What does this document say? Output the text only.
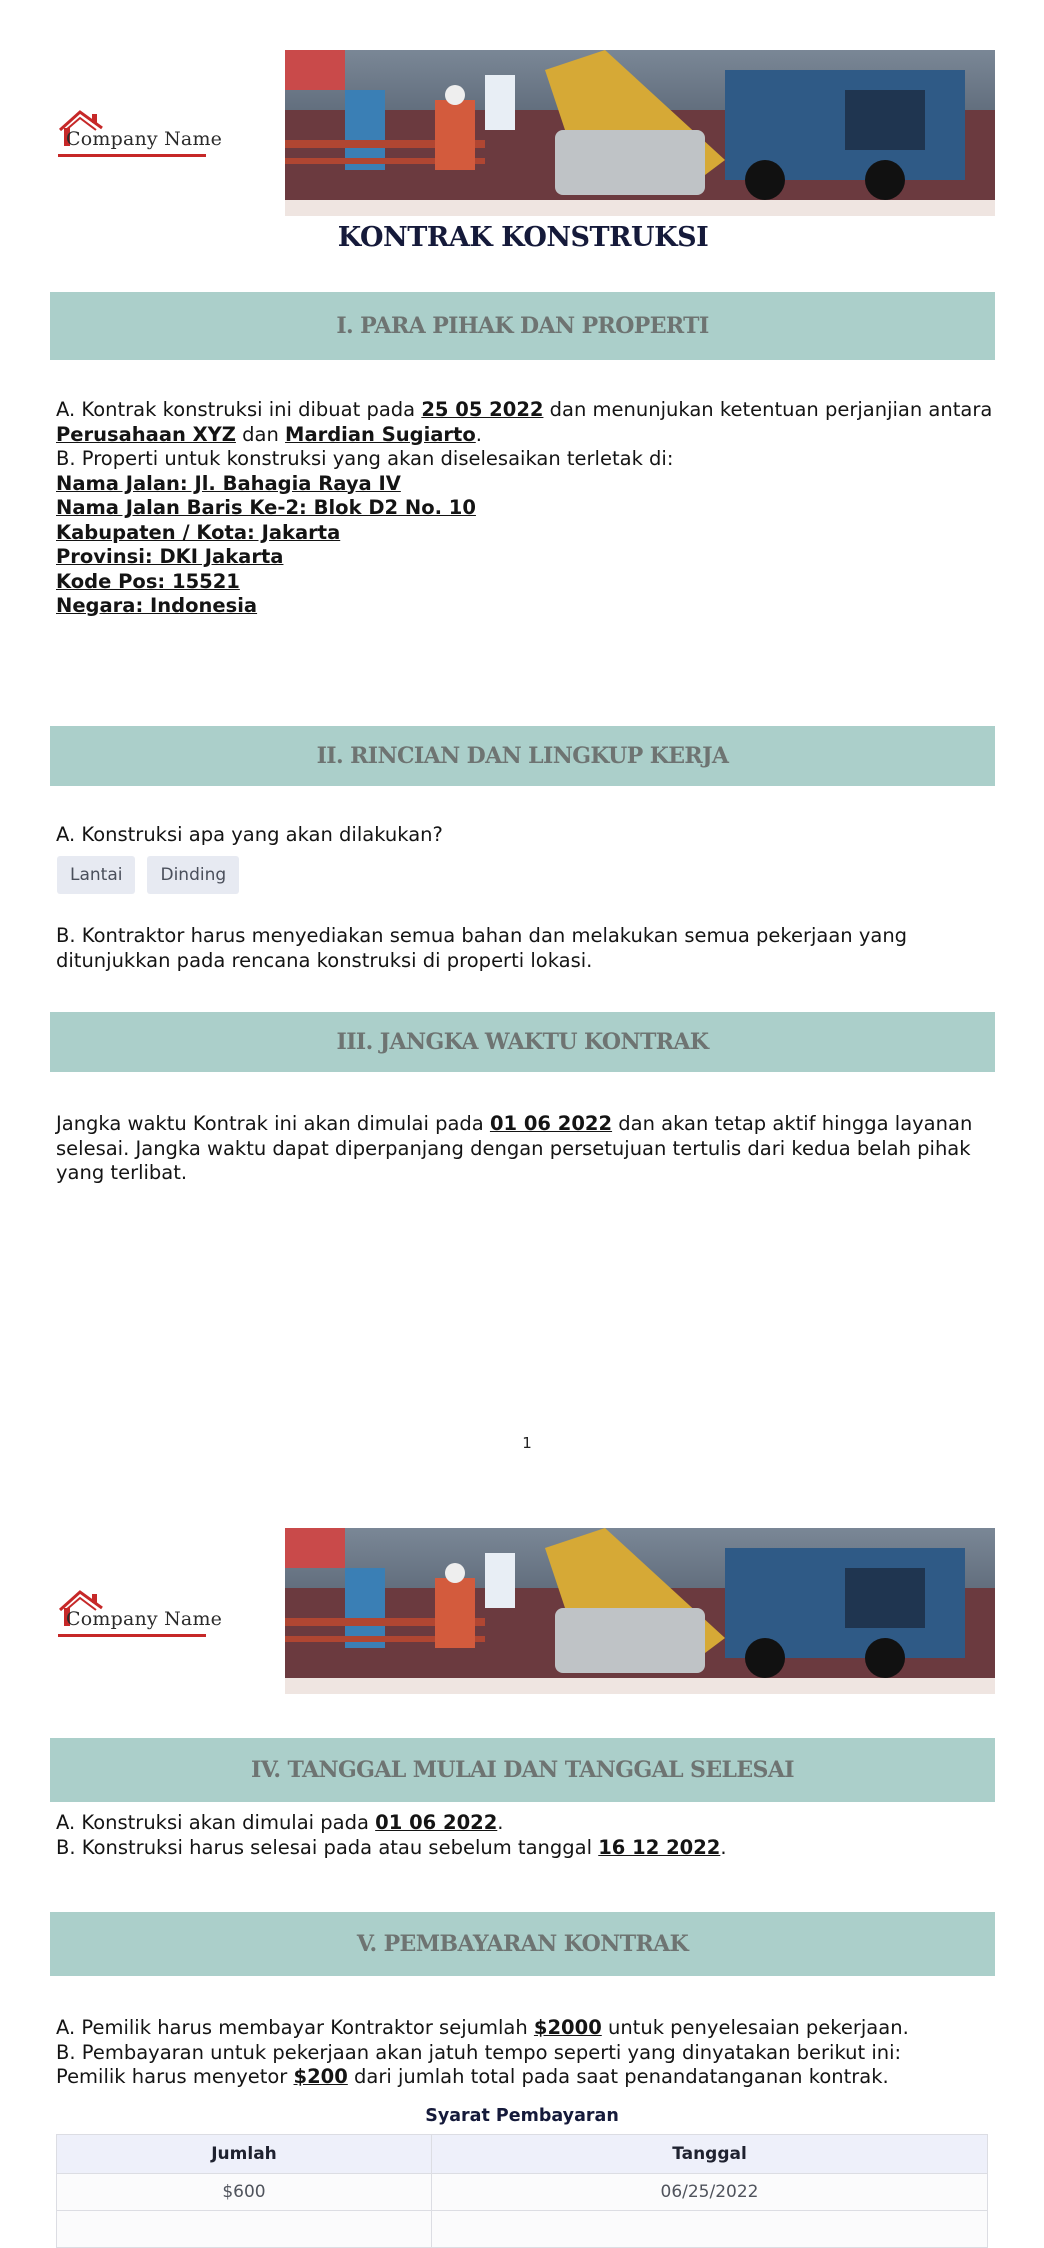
Company Name
KONTRAK KONSTRUKSI
I. PARA PIHAK DAN PROPERTI
A. Kontrak konstruksi ini dibuat pada 25 05 2022 dan menunjukan ketentuan perjanjian antara
Perusahaan XYZ dan Mardian Sugiarto.
B. Properti untuk konstruksi yang akan diselesaikan terletak di:
Nama Jalan: Jl. Bahagia Raya IV
Nama Jalan Baris Ke-2: Blok D2 No. 10
Kabupaten / Kota: Jakarta
Provinsi: DKI Jakarta
Kode Pos: 15521
Negara: Indonesia
II. RINCIAN DAN LINGKUP KERJA
A. Konstruksi apa yang akan dilakukan?
Lantai Dinding
B. Kontraktor harus menyediakan semua bahan dan melakukan semua pekerjaan yang ditunjukkan pada rencana konstruksi di properti lokasi.
III. JANGKA WAKTU KONTRAK
Jangka waktu Kontrak ini akan dimulai pada 01 06 2022 dan akan tetap aktif hingga layanan selesai. Jangka waktu dapat diperpanjang dengan persetujuan tertulis dari kedua belah pihak yang terlibat.
1
Company Name
IV. TANGGAL MULAI DAN TANGGAL SELESAI
A. Konstruksi akan dimulai pada 01 06 2022.
B. Konstruksi harus selesai pada atau sebelum tanggal 16 12 2022.
V. PEMBAYARAN KONTRAK
A. Pemilik harus membayar Kontraktor sejumlah $2000 untuk penyelesaian pekerjaan.
B. Pembayaran untuk pekerjaan akan jatuh tempo seperti yang dinyatakan berikut ini:
Pemilik harus menyetor $200 dari jumlah total pada saat penandatanganan kontrak.
Syarat Pembayaran
Jumlah	Tanggal
$600	06/25/2022
